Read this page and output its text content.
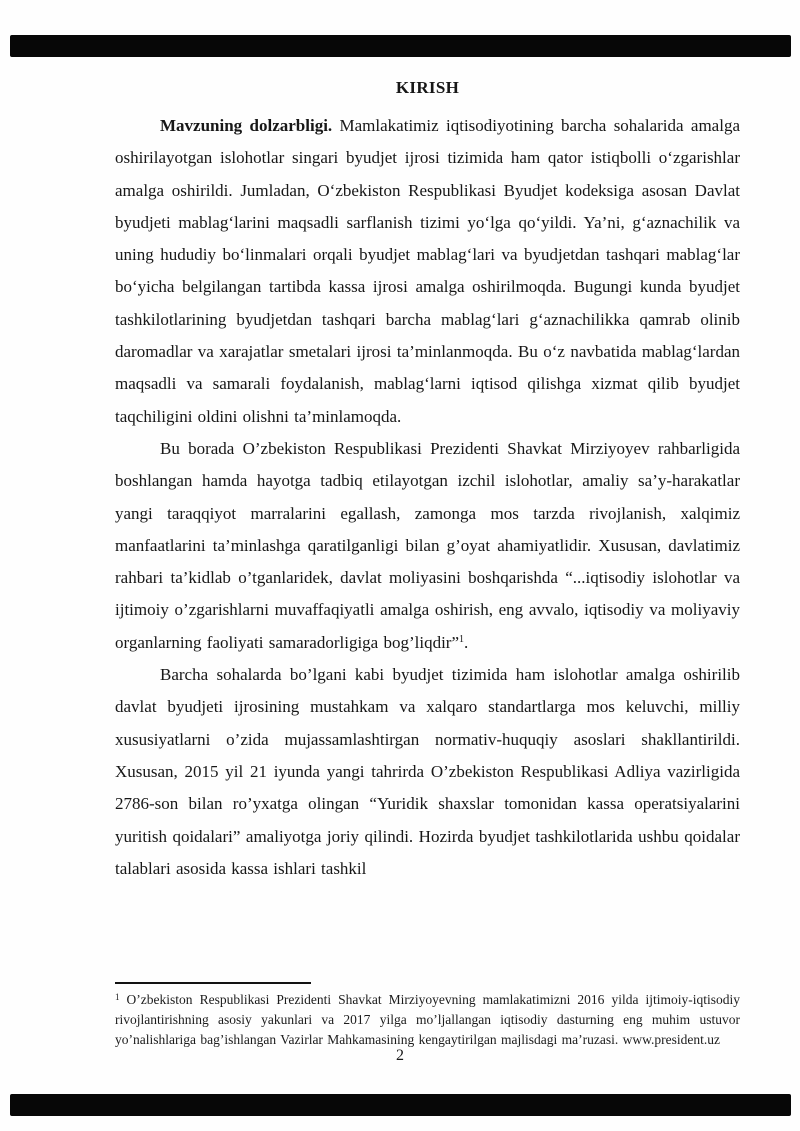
KIRISH

Mavzuning dolzarbligi. Mamlakatimiz iqtisodiyotining barcha sohalarida amalga oshirilayotgan islohotlar singari byudjet ijrosi tizimida ham qator istiqbolli o‘zgarishlar amalga oshirildi. Jumladan, O‘zbekiston Respublikasi Byudjet kodeksiga asosan Davlat byudjeti mablag‘larini maqsadli sarflanish tizimi yo‘lga qo‘yildi. Ya’ni, g‘aznachilik va uning hududiy bo‘linmalari orqali byudjet mablag‘lari va byudjetdan tashqari mablag‘lar bo‘yicha belgilangan tartibda kassa ijrosi amalga oshirilmoqda. Bugungi kunda byudjet tashkilotlarining byudjetdan tashqari barcha mablag‘lari g‘aznachilikka qamrab olinib daromadlar va xarajatlar smetalari ijrosi ta’minlanmoqda. Bu o‘z navbatida mablag‘lardan maqsadli va samarali foydalanish, mablag‘larni iqtisod qilishga xizmat qilib byudjet taqchiligini oldini olishni ta’minlamoqda.

Bu borada O’zbekiston Respublikasi Prezidenti Shavkat Mirziyoyev rahbarligida boshlangan hamda hayotga tadbiq etilayotgan izchil islohotlar, amaliy sa’y-harakatlar yangi taraqqiyot marralarini egallash, zamonga mos tarzda rivojlanish, xalqimiz manfaatlarini ta’minlashga qaratilganligi bilan g’oyat ahamiyatlidir. Xususan, davlatimiz rahbari ta’kidlab o’tganlaridek, davlat moliyasini boshqarishda “...iqtisodiy islohotlar va ijtimoiy o’zgarishlarni muvaffaqiyatli amalga oshirish, eng avvalo, iqtisodiy va moliyaviy organlarning faoliyati samaradorligiga bog’liqdir”$^1$.

Barcha sohalarda bo’lgani kabi byudjet tizimida ham islohotlar amalga oshirilib davlat byudjeti ijrosining mustahkam va xalqaro standartlarga mos keluvchi, milliy xususiyatlarni o’zida mujassamlashtirgan normativ-huquqiy asoslari shakllantirildi. Xususan, 2015 yil 21 iyunda yangi tahrirda O’zbekiston Respublikasi Adliya vazirligida 2786-son bilan ro’yxatga olingan “Yuridik shaxslar tomonidan kassa operatsiyalarini yuritish qoidalari” amaliyotga joriy qilindi. Hozirda byudjet tashkilotlarida ushbu qoidalar talablari asosida kassa ishlari tashkil

$^1$ O’zbekiston Respublikasi Prezidenti Shavkat Mirziyoyevning mamlakatimizni 2016 yilda ijtimoiy-iqtisodiy rivojlantirishning asosiy yakunlari va 2017 yilga mo’ljallangan iqtisodiy dasturning eng muhim ustuvor yo’nalishlariga bag’ishlangan Vazirlar Mahkamasining kengaytirilgan majlisdagi ma’ruzasi. www.president.uz
2
